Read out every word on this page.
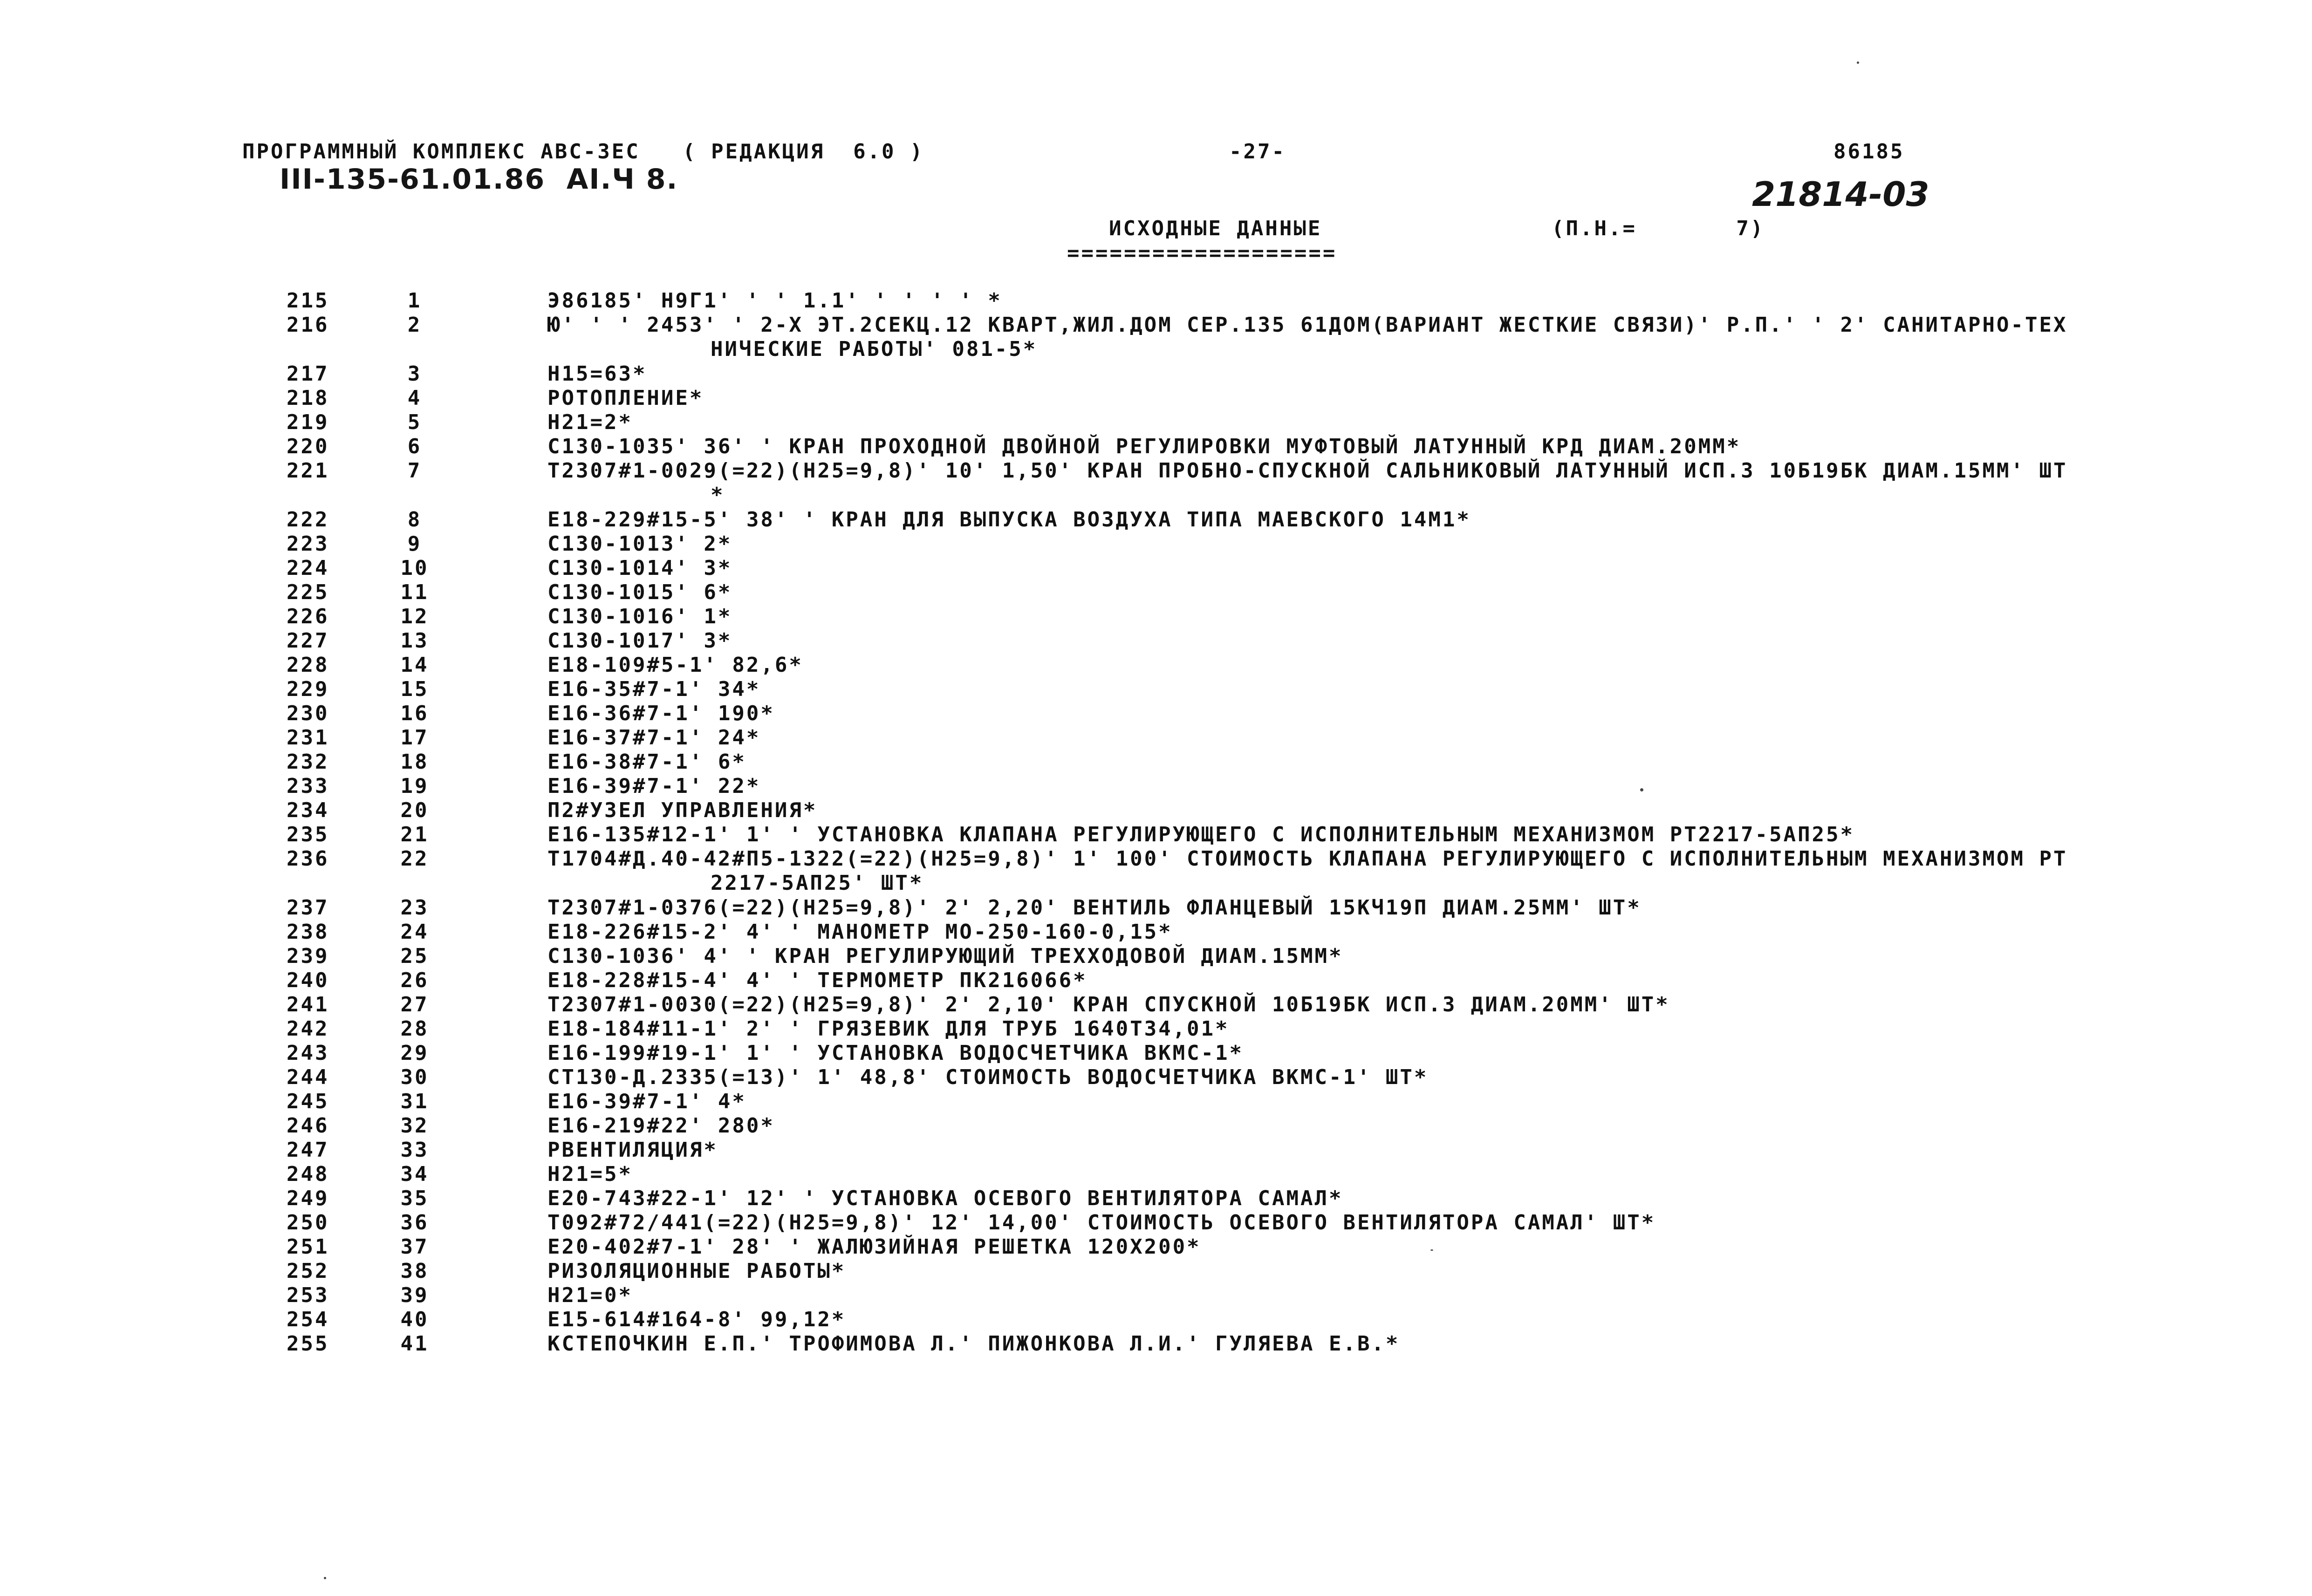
ПРОГРАММНЫЙ КОМПЛЕКС АВС-3ЕС   ( РЕДАКЦИЯ  6.0 )	-27-	86185
III-135-61.01.86  АI.Ч 8.	21814-03
ИСХОДНЫЕ ДАННЫЕ	(П.Н.=       7)
===================
215	1	Э86185' Н9Г1' ' ' 1.1' ' ' ' ' *
216	2	Ю' ' ' 2453' ' 2-Х ЭТ.2СЕКЦ.12 КВАРТ,ЖИЛ.ДОМ СЕР.135 61ДОМ(ВАРИАНТ ЖЕСТКИЕ СВЯЗИ)' Р.П.' ' 2' САНИТАРНО-ТЕХ
НИЧЕСКИЕ РАБОТЫ' 081-5*
217	3	Н15=63*
218	4	РОТОПЛЕНИЕ*
219	5	Н21=2*
220	6	С130-1035' 36' ' КРАН ПРОХОДНОЙ ДВОЙНОЙ РЕГУЛИРОВКИ МУФТОВЫЙ ЛАТУННЫЙ КРД ДИАМ.20ММ*
221	7	Т2307#1-0029(=22)(Н25=9,8)' 10' 1,50' КРАН ПРОБНО-СПУСКНОЙ САЛЬНИКОВЫЙ ЛАТУННЫЙ ИСП.3 10Б19БК ДИАМ.15ММ' ШТ
*
222	8	Е18-229#15-5' 38' ' КРАН ДЛЯ ВЫПУСКА ВОЗДУХА ТИПА МАЕВСКОГО 14М1*
223	9	С130-1013' 2*
224	10	С130-1014' 3*
225	11	С130-1015' 6*
226	12	С130-1016' 1*
227	13	С130-1017' 3*
228	14	Е18-109#5-1' 82,6*
229	15	Е16-35#7-1' 34*
230	16	Е16-36#7-1' 190*
231	17	Е16-37#7-1' 24*
232	18	Е16-38#7-1' 6*
233	19	Е16-39#7-1' 22*
234	20	П2#УЗЕЛ УПРАВЛЕНИЯ*
235	21	Е16-135#12-1' 1' ' УСТАНОВКА КЛАПАНА РЕГУЛИРУЮЩЕГО С ИСПОЛНИТЕЛЬНЫМ МЕХАНИЗМОМ РТ2217-5АП25*
236	22	Т1704#Д.40-42#П5-1322(=22)(Н25=9,8)' 1' 100' СТОИМОСТЬ КЛАПАНА РЕГУЛИРУЮЩЕГО С ИСПОЛНИТЕЛЬНЫМ МЕХАНИЗМОМ РТ
2217-5АП25' ШТ*
237	23	Т2307#1-0376(=22)(Н25=9,8)' 2' 2,20' ВЕНТИЛЬ ФЛАНЦЕВЫЙ 15КЧ19П ДИАМ.25ММ' ШТ*
238	24	Е18-226#15-2' 4' ' МАНОМЕТР МО-250-160-0,15*
239	25	С130-1036' 4' ' КРАН РЕГУЛИРУЮЩИЙ ТРЕХХОДОВОЙ ДИАМ.15ММ*
240	26	Е18-228#15-4' 4' ' ТЕРМОМЕТР ПК216066*
241	27	Т2307#1-0030(=22)(Н25=9,8)' 2' 2,10' КРАН СПУСКНОЙ 10Б19БК ИСП.3 ДИАМ.20ММ' ШТ*
242	28	Е18-184#11-1' 2' ' ГРЯЗЕВИК ДЛЯ ТРУБ 1640Т34,01*
243	29	Е16-199#19-1' 1' ' УСТАНОВКА ВОДОСЧЕТЧИКА ВКМС-1*
244	30	СТ130-Д.2335(=13)' 1' 48,8' СТОИМОСТЬ ВОДОСЧЕТЧИКА ВКМС-1' ШТ*
245	31	Е16-39#7-1' 4*
246	32	Е16-219#22' 280*
247	33	РВЕНТИЛЯЦИЯ*
248	34	Н21=5*
249	35	Е20-743#22-1' 12' ' УСТАНОВКА ОСЕВОГО ВЕНТИЛЯТОРА САМАЛ*
250	36	Т092#72/441(=22)(Н25=9,8)' 12' 14,00' СТОИМОСТЬ ОСЕВОГО ВЕНТИЛЯТОРА САМАЛ' ШТ*
251	37	Е20-402#7-1' 28' ' ЖАЛЮЗИЙНАЯ РЕШЕТКА 120Х200*
252	38	РИЗОЛЯЦИОННЫЕ РАБОТЫ*
253	39	Н21=0*
254	40	Е15-614#164-8' 99,12*
255	41	КСТЕПОЧКИН Е.П.' ТРОФИМОВА Л.' ПИЖОНКОВА Л.И.' ГУЛЯЕВА Е.В.*
